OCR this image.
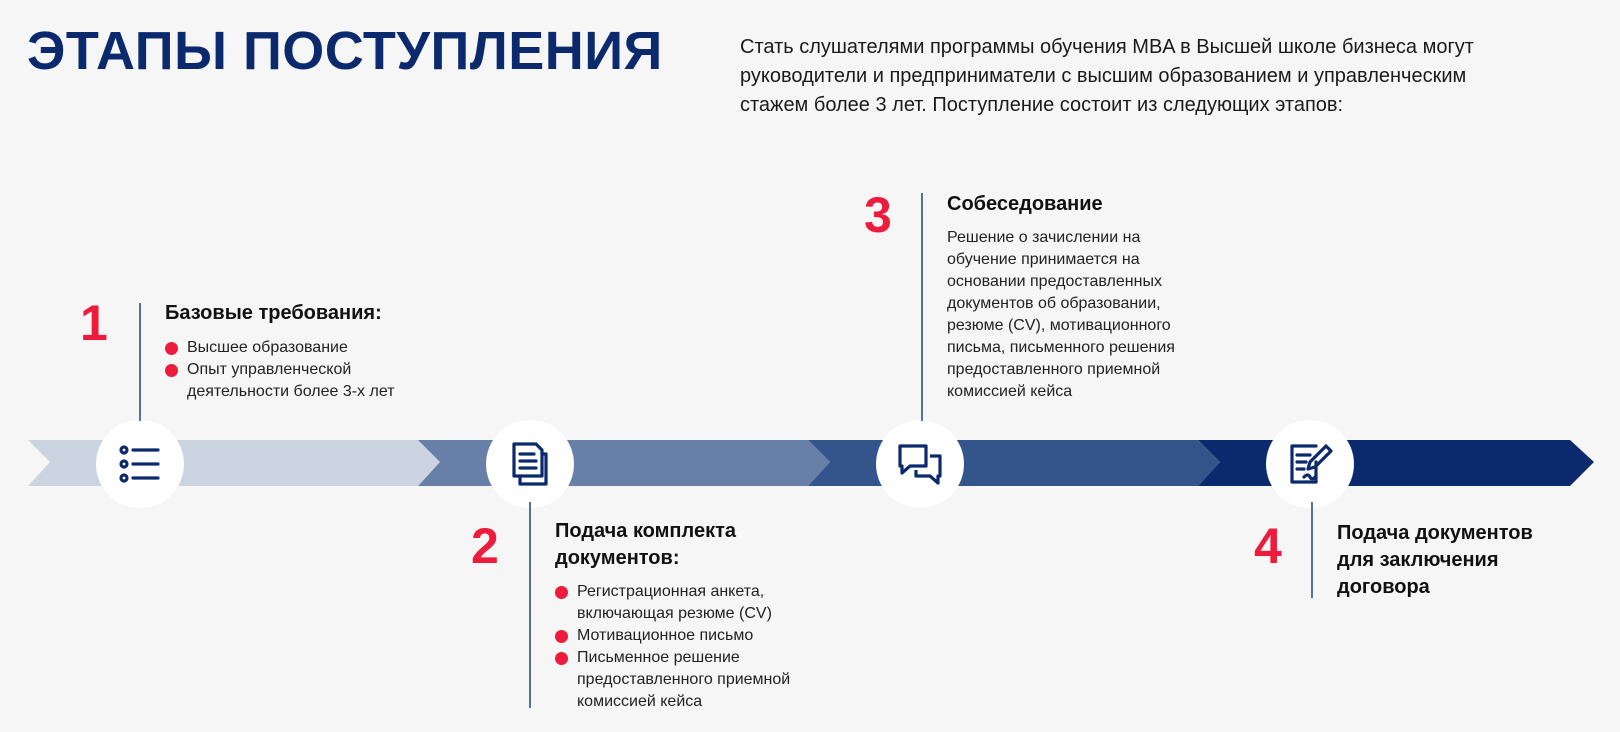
ЭТАПЫ ПОСТУПЛЕНИЯ	Стать слушателями программы обучения MBA в Высшей школе бизнеса могут руководители и предприниматели с высшим образованием и управленческим стажем более 3 лет. Поступление состоит из следующих этапов:

1	Базовые требования:
Высшее образование
Опыт управленческой деятельности более 3-х лет
2	Подача комплекта документов:
Регистрационная анкета, включающая резюме (CV)
Мотивационное письмо
Письменное решение предоставленного приемной комиссией кейса
3	Собеседование

Решение о зачислении на обучение принимается на основании предоставленных документов об образовании, резюме (CV), мотивационного письма, письменного решения предоставленного приемной комиссией кейса

4	Подача документов для заключения договора
